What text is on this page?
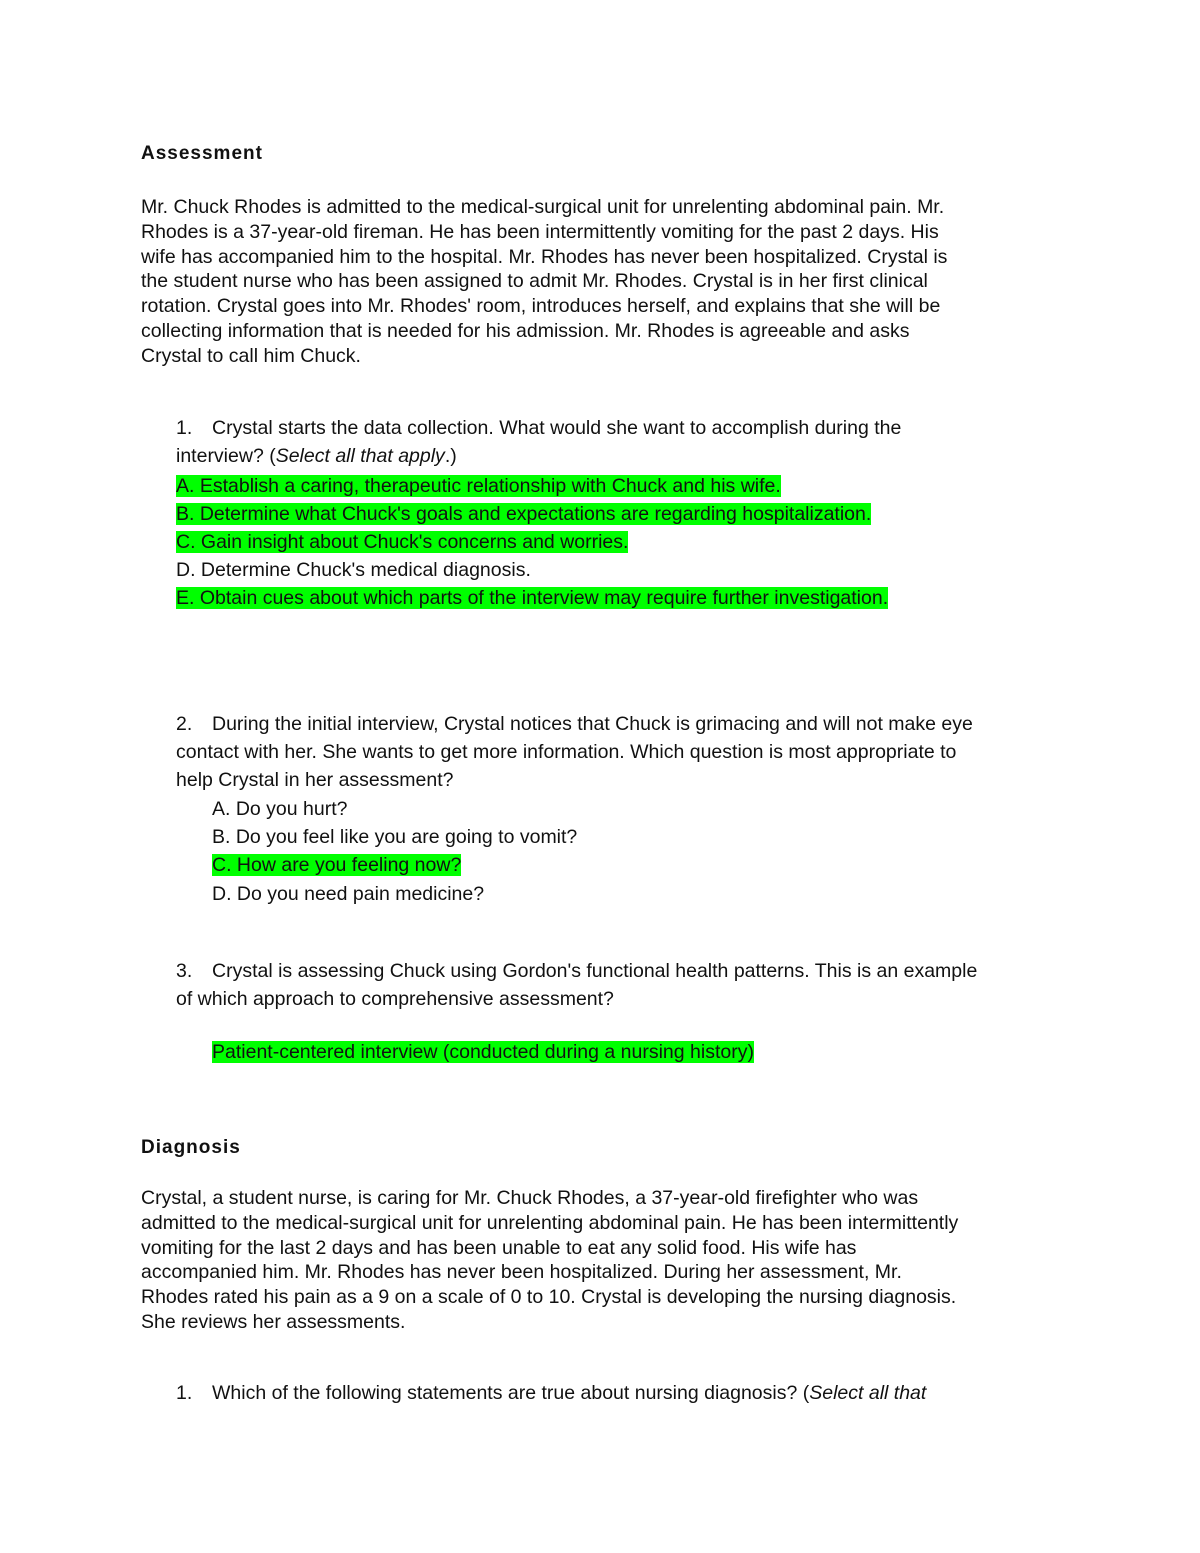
Assessment
Mr. Chuck Rhodes is admitted to the medical-surgical unit for unrelenting abdominal pain. Mr.
Rhodes is a 37-year-old fireman. He has been intermittently vomiting for the past 2 days. His
wife has accompanied him to the hospital. Mr. Rhodes has never been hospitalized. Crystal is
the student nurse who has been assigned to admit Mr. Rhodes. Crystal is in her first clinical
rotation. Crystal goes into Mr. Rhodes' room, introduces herself, and explains that she will be
collecting information that is needed for his admission. Mr. Rhodes is agreeable and asks
Crystal to call him Chuck.
1. Crystal starts the data collection. What would she want to accomplish during the
interview? (Select all that apply.)
A. Establish a caring, therapeutic relationship with Chuck and his wife.
B. Determine what Chuck's goals and expectations are regarding hospitalization.
C. Gain insight about Chuck's concerns and worries.
D. Determine Chuck's medical diagnosis.
E. Obtain cues about which parts of the interview may require further investigation.
2. During the initial interview, Crystal notices that Chuck is grimacing and will not make eye
contact with her. She wants to get more information. Which question is most appropriate to
help Crystal in her assessment?
A. Do you hurt?
B. Do you feel like you are going to vomit?
C. How are you feeling now?
D. Do you need pain medicine?
3. Crystal is assessing Chuck using Gordon's functional health patterns. This is an example
of which approach to comprehensive assessment?
Patient-centered interview (conducted during a nursing history)
Diagnosis
Crystal, a student nurse, is caring for Mr. Chuck Rhodes, a 37-year-old firefighter who was
admitted to the medical-surgical unit for unrelenting abdominal pain. He has been intermittently
vomiting for the last 2 days and has been unable to eat any solid food. His wife has
accompanied him. Mr. Rhodes has never been hospitalized. During her assessment, Mr.
Rhodes rated his pain as a 9 on a scale of 0 to 10. Crystal is developing the nursing diagnosis.
She reviews her assessments.
1. Which of the following statements are true about nursing diagnosis? (Select all that
